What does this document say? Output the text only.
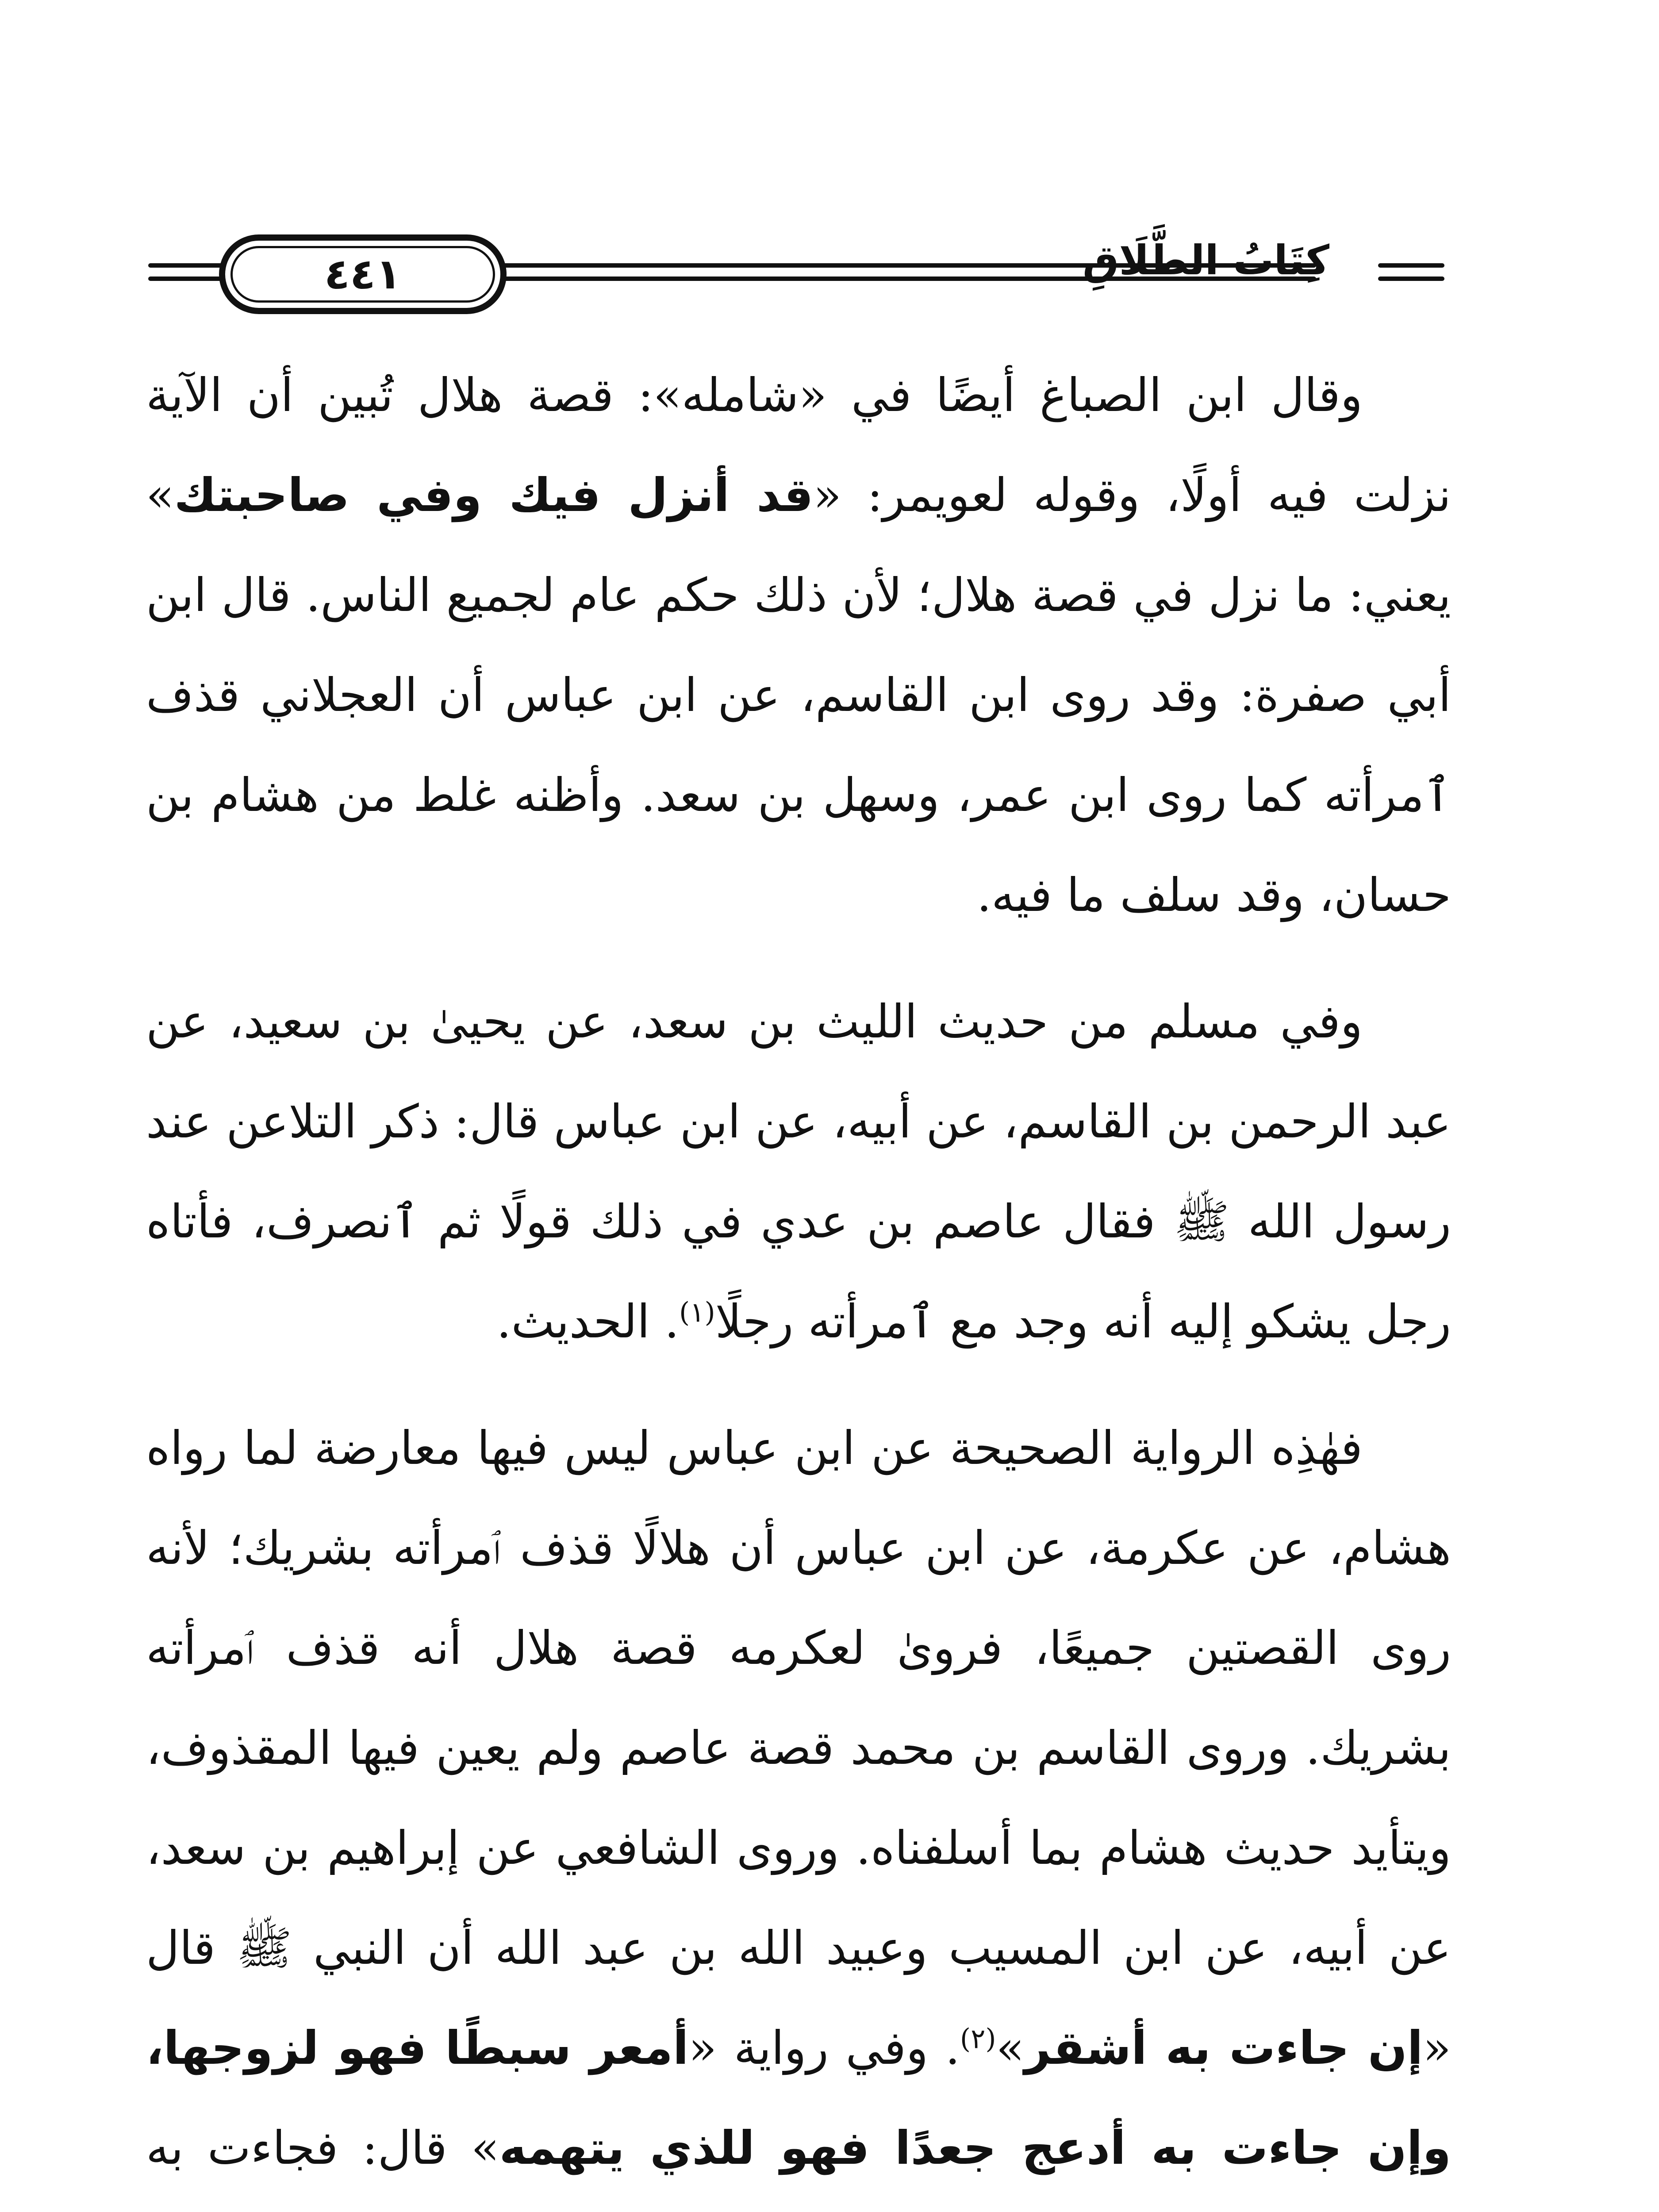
٤٤١	كِتَابُ الطَّلَاقِ

وقال ابن الصباغ أيضًا في «شامله»: قصة هلال تُبين أن الآية نزلت فيه أولًا، وقوله لعويمر: «قد أنزل فيك وفي صاحبتك» يعني: ما نزل في قصة هلال؛ لأن ذلك حكم عام لجميع الناس. قال ابن أبي صفرة: وقد روى ابن القاسم، عن ابن عباس أن العجلاني قذف ٱمرأته كما روى ابن عمر، وسهل بن سعد. وأظنه غلط من هشام بن حسان، وقد سلف ما فيه.

وفي مسلم من حديث الليث بن سعد، عن يحيىٰ بن سعيد، عن عبد الرحمن بن القاسم، عن أبيه، عن ابن عباس قال: ذكر التلاعن عند رسول الله ﷺ فقال عاصم بن عدي في ذلك قولًا ثم ٱنصرف، فأتاه رجل يشكو إليه أنه وجد مع ٱمرأته رجلًا$^{(١)}$. الحديث.

فهٰذِه الرواية الصحيحة عن ابن عباس ليس فيها معارضة لما رواه هشام، عن عكرمة، عن ابن عباس أن هلالًا قذف ٱمرأته بشريك؛ لأنه روى القصتين جميعًا، فرویٰ لعكرمه قصة هلال أنه قذف ٱمرأته بشريك. وروى القاسم بن محمد قصة عاصم ولم يعين فيها المقذوف، ويتأيد حديث هشام بما أسلفناه. وروى الشافعي عن إبراهيم بن سعد، عن أبيه، عن ابن المسيب وعبيد الله بن عبد الله أن النبي ﷺ قال «إن جاءت به أشقر»$^{(٢)}$. وفي رواية «أمعر سبطًا فهو لزوجها، وإن جاءت به أدعج جعدًا فهو للذي يتهمه» قال: فجاءت به
